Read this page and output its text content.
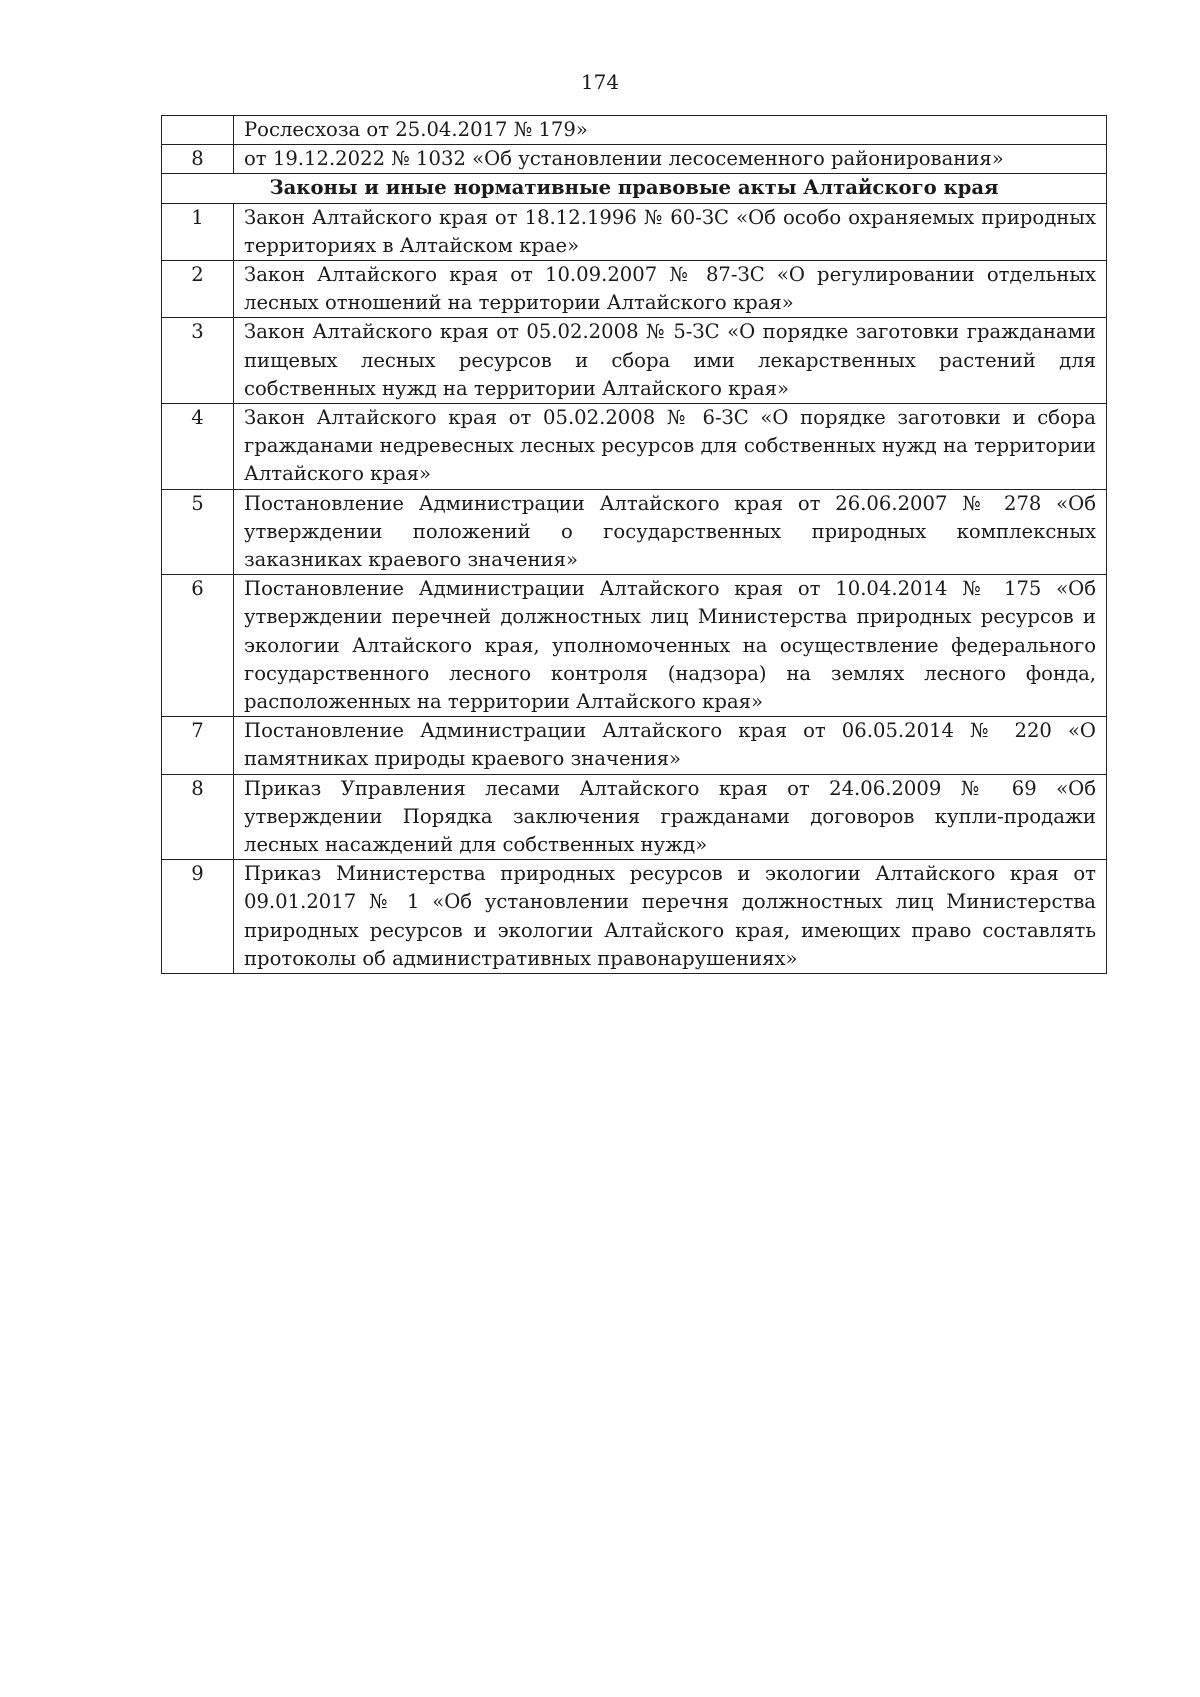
174
	Рослесхоза от 25.04.2017 № 179»
8	от 19.12.2022 № 1032 «Об установлении лесосеменного районирования»
Законы и иные нормативные правовые акты Алтайского края	
1	Закон Алтайского края от 18.12.1996 № 60-ЗС «Об особо охраняемых природных территориях в Алтайском крае»
2	Закон Алтайского края от 10.09.2007 № 87-ЗС «О регулировании отдельных лесных отношений на территории Алтайского края»
3	Закон Алтайского края от 05.02.2008 № 5-ЗС «О порядке заготовки гражданами пищевых лесных ресурсов и сбора ими лекарственных растений для собственных нужд на территории Алтайского края»
4	Закон Алтайского края от 05.02.2008 № 6-ЗС «О порядке заготовки и сбора гражданами недревесных лесных ресурсов для собственных нужд на территории Алтайского края»
5	Постановление Администрации Алтайского края от 26.06.2007 № 278 «Об утверждении положений о государственных природных комплексных заказниках краевого значения»
6	Постановление Администрации Алтайского края от 10.04.2014 № 175 «Об утверждении перечней должностных лиц Министерства природных ресурсов и экологии Алтайского края, уполномоченных на осуществление федерального государственного лесного контроля (надзора) на землях лесного фонда, расположенных на территории Алтайского края»
7	Постановление Администрации Алтайского края от 06.05.2014 № 220 «О памятниках природы краевого значения»
8	Приказ Управления лесами Алтайского края от 24.06.2009 № 69 «Об утверждении Порядка заключения гражданами договоров купли-продажи лесных насаждений для собственных нужд»
9	Приказ Министерства природных ресурсов и экологии Алтайского края от 09.01.2017 № 1 «Об установлении перечня должностных лиц Министерства природных ресурсов и экологии Алтайского края, имеющих право составлять протоколы об административных правонарушениях»
